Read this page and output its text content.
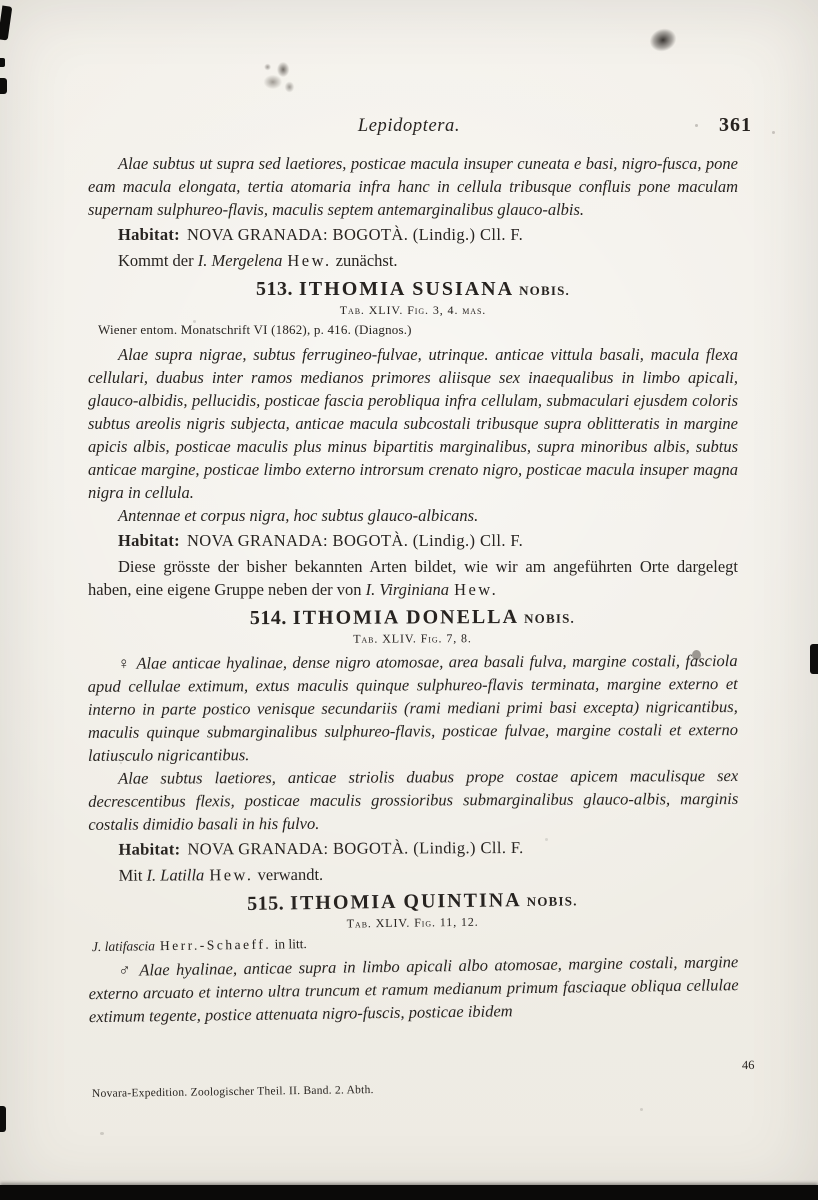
Lepidoptera.	361

Alae subtus ut supra sed laetiores, posticae macula insuper cuneata e basi, nigro-fusca, pone eam macula elongata, tertia atomaria infra hanc in cellula tribusque confluis pone maculam supernam sulphureo-flavis, maculis septem antemarginalibus glauco-albis.

Habitat: NOVA GRANADA: BOGOTÀ. (Lindig.) Cll. F.

Kommt der I. Mergelena Hew. zunächst.

513. ITHOMIA SUSIANA NOBIS.
Tab. XLIV. Fig. 3, 4. mas.
Wiener entom. Monatschrift VI (1862), p. 416. (Diagnos.)

Alae supra nigrae, subtus ferrugineo-fulvae, utrinque. anticae vittula basali, macula flexa cellulari, duabus inter ramos medianos primores aliisque sex inaequalibus in limbo apicali, glauco-albidis, pellucidis, posticae fascia perobliqua infra cellulam, submaculari ejusdem coloris subtus areolis nigris subjecta, anticae macula subcostali tribusque supra oblitteratis in margine apicis albis, posticae maculis plus minus bipartitis marginalibus, supra minoribus albis, subtus anticae margine, posticae limbo externo introrsum crenato nigro, posticae macula insuper magna nigra in cellula.

Antennae et corpus nigra, hoc subtus glauco-albicans.

Habitat: NOVA GRANADA: BOGOTÀ. (Lindig.) Cll. F.

Diese grösste der bisher bekannten Arten bildet, wie wir am angeführten Orte dargelegt haben, eine eigene Gruppe neben der von I. Virginiana Hew.

514. ITHOMIA DONELLA NOBIS.
Tab. XLIV. Fig. 7, 8.

♀ Alae anticae hyalinae, dense nigro atomosae, area basali fulva, margine costali, fasciola apud cellulae extimum, extus maculis quinque sulphureo-flavis terminata, margine externo et interno in parte postico venisque secundariis (rami mediani primi basi excepta) nigricantibus, maculis quinque submarginalibus sulphureo-flavis, posticae fulvae, margine costali et externo latiusculo nigricantibus.

Alae subtus laetiores, anticae striolis duabus prope costae apicem maculisque sex decrescentibus flexis, posticae maculis grossioribus submarginalibus glauco-albis, marginis costalis dimidio basali in his fulvo.

Habitat: NOVA GRANADA: BOGOTÀ. (Lindig.) Cll. F.

Mit I. Latilla Hew. verwandt.

515. ITHOMIA QUINTINA NOBIS.
Tab. XLIV. Fig. 11, 12.
J. latifascia Herr.-Schaeff. in litt.

♂ Alae hyalinae, anticae supra in limbo apicali albo atomosae, margine costali, margine externo arcuato et interno ultra truncum et ramum medianum primum fasciaque obliqua cellulae extimum tegente, postice attenuata nigro-fuscis, posticae ibidem

Novara-Expedition. Zoologischer Theil. II. Band. 2. Abth.
46
